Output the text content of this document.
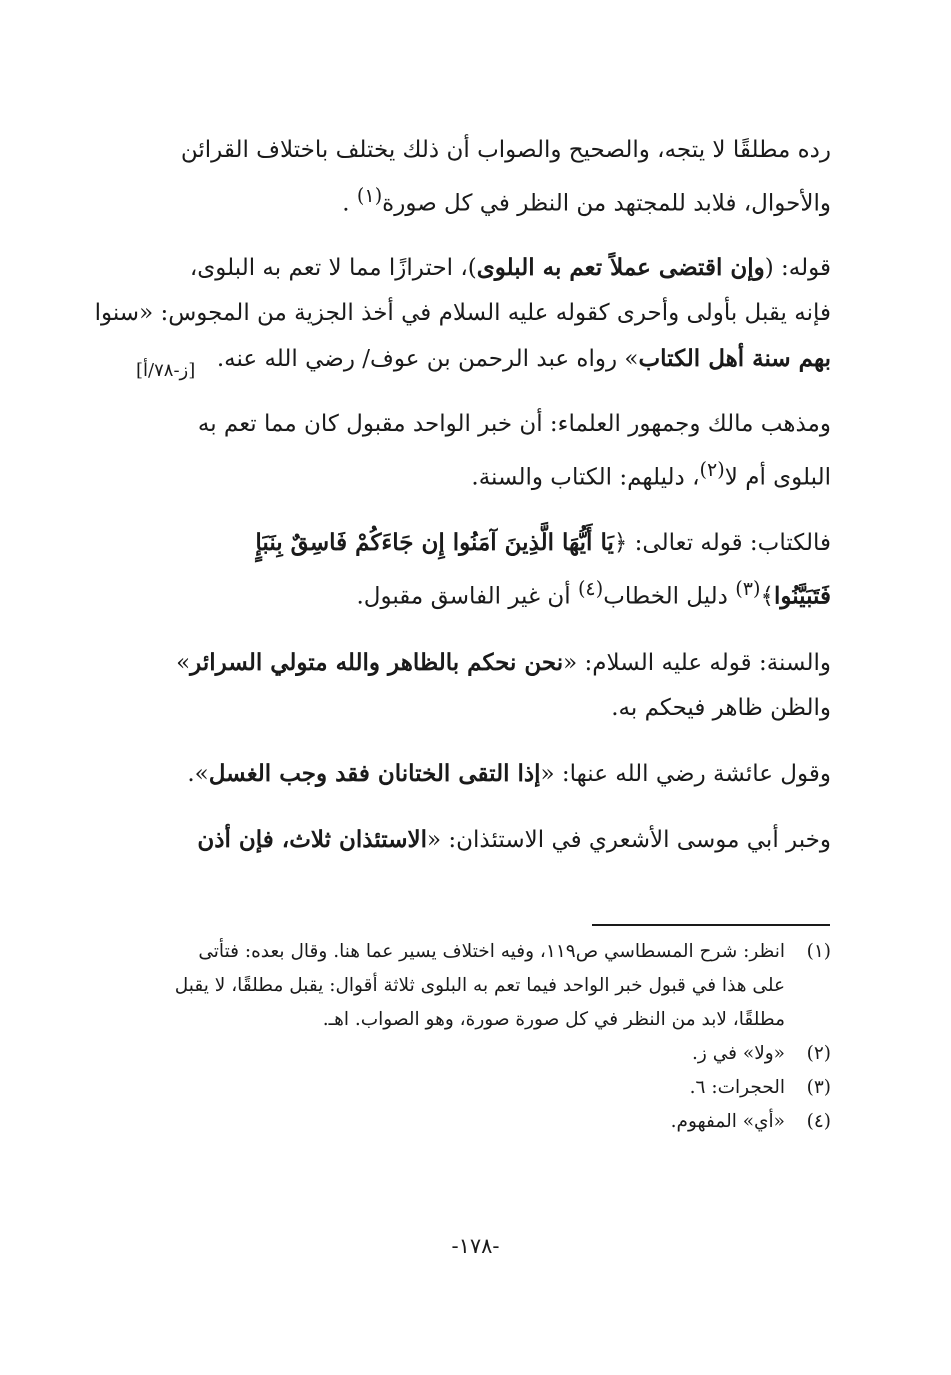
رده مطلقًا لا يتجه، والصحيح والصواب أن ذلك يختلف باختلاف القرائن
والأحوال، فلابد للمجتهد من النظر في كل صورة$^{(١)}$ .
قوله: (وإن اقتضى عملاً تعم به البلوى)، احترازًا مما لا تعم به البلوى،
فإنه يقبل بأولى وأحرى كقوله عليه السلام في أخذ الجزية من المجوس: «سنوا
بهم سنة أهل الكتاب» رواه عبد الرحمن بن عوف/ رضي الله عنه.
ومذهب مالك وجمهور العلماء: أن خبر الواحد مقبول كان مما تعم به
البلوى أم لا$^{(٢)}$، دليلهم: الكتاب والسنة.
فالكتاب: قوله تعالى: ﴿يَا أَيُّهَا الَّذِينَ آمَنُوا إِن جَاءَكُمْ فَاسِقٌ بِنَبَإٍ
فَتَبَيَّنُوا﴾$^{(٣)}$ دليل الخطاب$^{(٤)}$ أن غير الفاسق مقبول.
والسنة: قوله عليه السلام: «نحن نحكم بالظاهر والله متولي السرائر»
والظن ظاهر فيحكم به.
وقول عائشة رضي الله عنها: «إذا التقى الختانان فقد وجب الغسل».
وخبر أبي موسى الأشعري في الاستئذان: «الاستئذان ثلاث، فإن أذن
[ز-٧٨/أ]
(١)
انظر: شرح المسطاسي ص١١٩، وفيه اختلاف يسير عما هنا. وقال بعده: فتأتى
على هذا في قبول خبر الواحد فيما تعم به البلوى ثلاثة أقوال: يقبل مطلقًا، لا يقبل
مطلقًا، لابد من النظر في كل صورة صورة، وهو الصواب. اهـ.
(٢)
«ولا» في ز.
(٣)
الحجرات: ٦.
(٤)
«أي» المفهوم.
-١٧٨-
